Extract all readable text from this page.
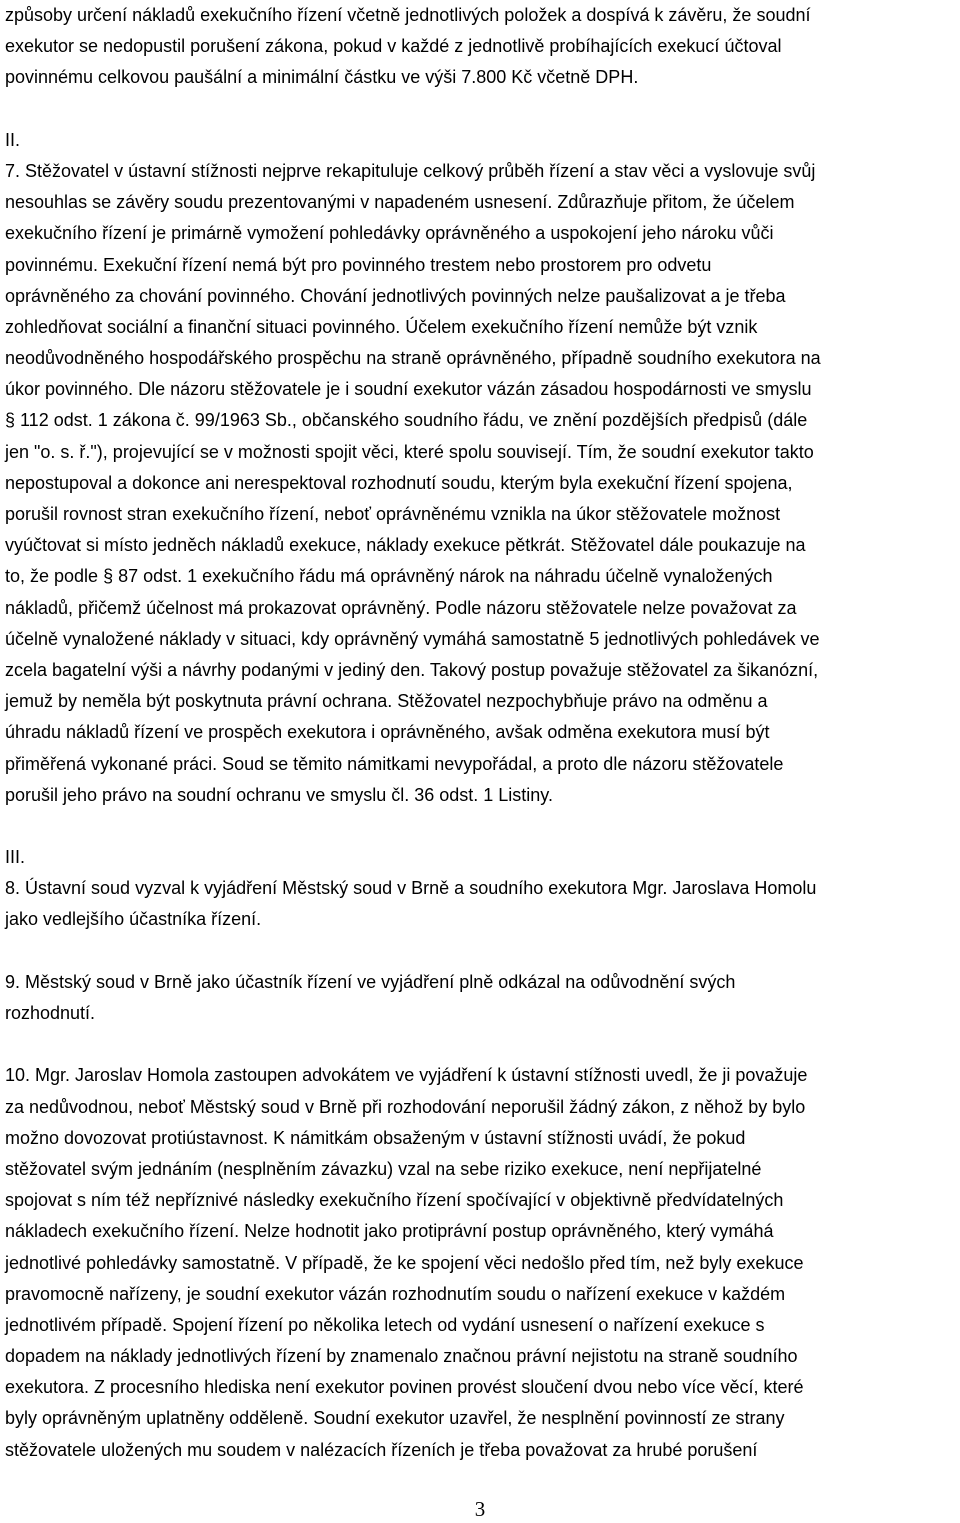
způsoby určení nákladů exekučního řízení včetně jednotlivých položek a dospívá k závěru, že soudní
exekutor se nedopustil porušení zákona, pokud v každé z jednotlivě probíhajících exekucí účtoval
povinnému celkovou paušální a minimální částku ve výši 7.800 Kč včetně DPH.
II.
7. Stěžovatel v ústavní stížnosti nejprve rekapituluje celkový průběh řízení a stav věci a vyslovuje svůj
nesouhlas se závěry soudu prezentovanými v napadeném usnesení. Zdůrazňuje přitom, že účelem
exekučního řízení je primárně vymožení pohledávky oprávněného a uspokojení jeho nároku vůči
povinnému. Exekuční řízení nemá být pro povinného trestem nebo prostorem pro odvetu
oprávněného za chování povinného. Chování jednotlivých povinných nelze paušalizovat a je třeba
zohledňovat sociální a finanční situaci povinného. Účelem exekučního řízení nemůže být vznik
neodůvodněného hospodářského prospěchu na straně oprávněného, případně soudního exekutora na
úkor povinného. Dle názoru stěžovatele je i soudní exekutor vázán zásadou hospodárnosti ve smyslu
§ 112 odst. 1 zákona č. 99/1963 Sb., občanského soudního řádu, ve znění pozdějších předpisů (dále
jen "o. s. ř."), projevující se v možnosti spojit věci, které spolu souvisejí. Tím, že soudní exekutor takto
nepostupoval a dokonce ani nerespektoval rozhodnutí soudu, kterým byla exekuční řízení spojena,
porušil rovnost stran exekučního řízení, neboť oprávněnému vznikla na úkor stěžovatele možnost
vyúčtovat si místo jedněch nákladů exekuce, náklady exekuce pětkrát. Stěžovatel dále poukazuje na
to, že podle § 87 odst. 1 exekučního řádu má oprávněný nárok na náhradu účelně vynaložených
nákladů, přičemž účelnost má prokazovat oprávněný. Podle názoru stěžovatele nelze považovat za
účelně vynaložené náklady v situaci, kdy oprávněný vymáhá samostatně 5 jednotlivých pohledávek ve
zcela bagatelní výši a návrhy podanými v jediný den. Takový postup považuje stěžovatel za šikanózní,
jemuž by neměla být poskytnuta právní ochrana. Stěžovatel nezpochybňuje právo na odměnu a
úhradu nákladů řízení ve prospěch exekutora i oprávněného, avšak odměna exekutora musí být
přiměřená vykonané práci. Soud se těmito námitkami nevypořádal, a proto dle názoru stěžovatele
porušil jeho právo na soudní ochranu ve smyslu čl. 36 odst. 1 Listiny.
III.
8. Ústavní soud vyzval k vyjádření Městský soud v Brně a soudního exekutora Mgr. Jaroslava Homolu
jako vedlejšího účastníka řízení.
9. Městský soud v Brně jako účastník řízení ve vyjádření plně odkázal na odůvodnění svých
rozhodnutí.
10. Mgr. Jaroslav Homola zastoupen advokátem ve vyjádření k ústavní stížnosti uvedl, že ji považuje
za nedůvodnou, neboť Městský soud v Brně při rozhodování neporušil žádný zákon, z něhož by bylo
možno dovozovat protiústavnost. K námitkám obsaženým v ústavní stížnosti uvádí, že pokud
stěžovatel svým jednáním (nesplněním závazku) vzal na sebe riziko exekuce, není nepřijatelné
spojovat s ním též nepříznivé následky exekučního řízení spočívající v objektivně předvídatelných
nákladech exekučního řízení. Nelze hodnotit jako protiprávní postup oprávněného, který vymáhá
jednotlivé pohledávky samostatně. V případě, že ke spojení věci nedošlo před tím, než byly exekuce
pravomocně nařízeny, je soudní exekutor vázán rozhodnutím soudu o nařízení exekuce v každém
jednotlivém případě. Spojení řízení po několika letech od vydání usnesení o nařízení exekuce s
dopadem na náklady jednotlivých řízení by znamenalo značnou právní nejistotu na straně soudního
exekutora. Z procesního hlediska není exekutor povinen provést sloučení dvou nebo více věcí, které
byly oprávněným uplatněny odděleně. Soudní exekutor uzavřel, že nesplnění povinností ze strany
stěžovatele uložených mu soudem v nalézacích řízeních je třeba považovat za hrubé porušení
3
